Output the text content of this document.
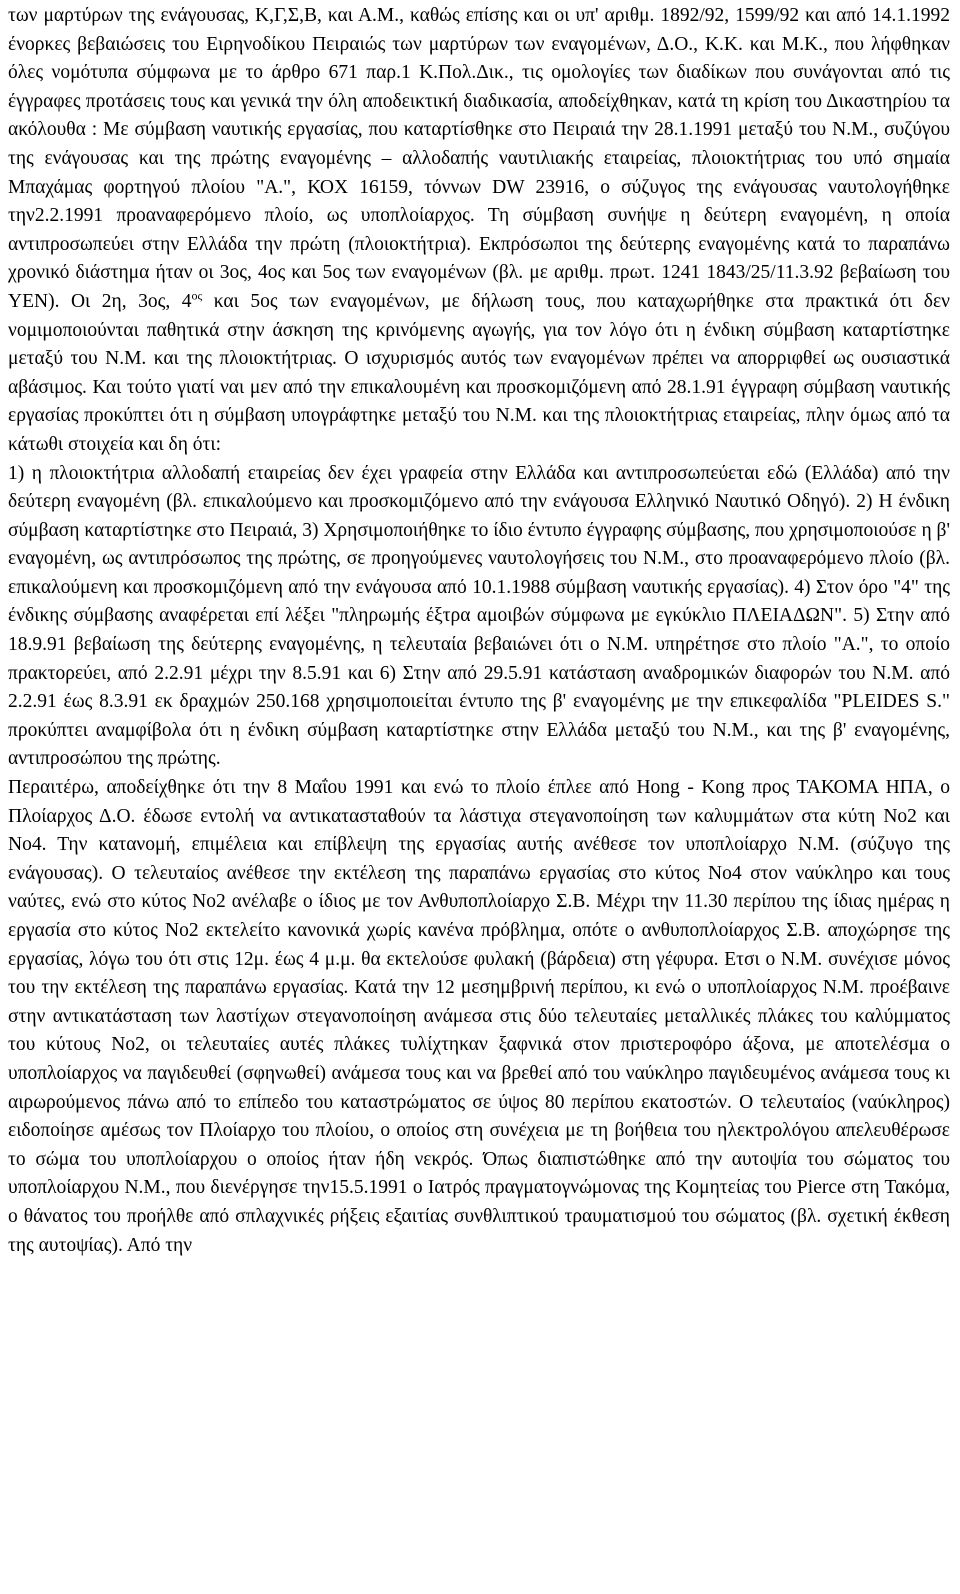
των μαρτύρων της ενάγουσας, Κ,Γ,Σ,Β, και Α.Μ., καθώς επίσης και οι υπ' αριθμ. 1892/92, 1599/92 και από 14.1.1992 ένορκες βεβαιώσεις του Ειρηνοδίκου Πειραιώς των μαρτύρων των εναγομένων, Δ.Ο., Κ.Κ. και Μ.Κ., που λήφθηκαν όλες νομότυπα σύμφωνα με το άρθρο 671 παρ.1 Κ.Πολ.Δικ., τις ομολογίες των διαδίκων που συνάγονται από τις έγγραφες προτάσεις τους και γενικά την όλη αποδεικτική διαδικασία, αποδείχθηκαν, κατά τη κρίση του Δικαστηρίου τα ακόλουθα : Με σύμβαση ναυτικής εργασίας, που καταρτίσθηκε στο Πειραιά την 28.1.1991 μεταξύ του Ν.Μ., συζύγου της ενάγουσας και της πρώτης εναγομένης – αλλοδαπής ναυτιλιακής εταιρείας, πλοιοκτήτριας του υπό σημαία Μπαχάμας φορτηγού πλοίου "Α.", ΚΟΧ 16159, τόννων DW 23916, ο σύζυγος της ενάγουσας ναυτολογήθηκε την2.2.1991 προαναφερόμενο πλοίο, ως υποπλοίαρχος. Τη σύμβαση συνήψε η δεύτερη εναγομένη, η οποία αντιπροσωπεύει στην Ελλάδα την πρώτη (πλοιοκτήτρια). Εκπρόσωποι της δεύτερης εναγομένης κατά το παραπάνω χρονικό διάστημα ήταν οι 3ος, 4ος και 5ος των εναγομένων (βλ. με αριθμ. πρωτ. 1241 1843/25/11.3.92 βεβαίωση του ΥΕΝ). Οι 2η, 3ος, $4^{o\varsigma}$ και 5ος των εναγομένων, με δήλωση τους, που καταχωρήθηκε στα πρακτικά ότι δεν νομιμοποιούνται παθητικά στην άσκηση της κρινόμενης αγωγής, για τον λόγο ότι η ένδικη σύμβαση καταρτίστηκε μεταξύ του Ν.Μ. και της πλοιοκτήτριας. Ο ισχυρισμός αυτός των εναγομένων πρέπει να απορριφθεί ως ουσιαστικά αβάσιμος. Και τούτο γιατί ναι μεν από την επικαλουμένη και προσκομιζόμενη από 28.1.91 έγγραφη σύμβαση ναυτικής εργασίας προκύπτει ότι η σύμβαση υπογράφτηκε μεταξύ του Ν.Μ. και της πλοιοκτήτριας εταιρείας, πλην όμως από τα κάτωθι στοιχεία και δη ότι:

1) η πλοιοκτήτρια αλλοδαπή εταιρείας δεν έχει γραφεία στην Ελλάδα και αντιπροσωπεύεται εδώ (Ελλάδα) από την δεύτερη εναγομένη (βλ. επικαλούμενο και προσκομιζόμενο από την ενάγουσα Ελληνικό Ναυτικό Οδηγό). 2) Η ένδικη σύμβαση καταρτίστηκε στο Πειραιά, 3) Χρησιμοποιήθηκε το ίδιο έντυπο έγγραφης σύμβασης, που χρησιμοποιούσε η β' εναγομένη, ως αντιπρόσωπος της πρώτης, σε προηγούμενες ναυτολογήσεις του Ν.Μ., στο προαναφερόμενο πλοίο (βλ. επικαλούμενη και προσκομιζόμενη από την ενάγουσα από 10.1.1988 σύμβαση ναυτικής εργασίας). 4) Στον όρο "4" της ένδικης σύμβασης αναφέρεται επί λέξει "πληρωμής έξτρα αμοιβών σύμφωνα με εγκύκλιο ΠΛΕΙΑΔΩΝ". 5) Στην από 18.9.91 βεβαίωση της δεύτερης εναγομένης, η τελευταία βεβαιώνει ότι ο Ν.Μ. υπηρέτησε στο πλοίο "Α.", το οποίο πρακτορεύει, από 2.2.91 μέχρι την 8.5.91 και 6) Στην από 29.5.91 κατάσταση αναδρομικών διαφορών του Ν.Μ. από 2.2.91 έως 8.3.91 εκ δραχμών 250.168 χρησιμοποιείται έντυπο της β' εναγομένης με την επικεφαλίδα "PLEIDES S." προκύπτει αναμφίβολα ότι η ένδικη σύμβαση καταρτίστηκε στην Ελλάδα μεταξύ του Ν.Μ., και της β' εναγομένης, αντιπροσώπου της πρώτης.

Περαιτέρω, αποδείχθηκε ότι την 8 Μαΐου 1991 και ενώ το πλοίο έπλεε από Hong - Kong προς ΤΑΚΟΜΑ ΗΠΑ, ο Πλοίαρχος Δ.Ο. έδωσε εντολή να αντικατασταθούν τα λάστιχα στεγανοποίηση των καλυμμάτων στα κύτη Νο2 και Νο4. Την κατανομή, επιμέλεια και επίβλεψη της εργασίας αυτής ανέθεσε τον υποπλοίαρχο Ν.Μ. (σύζυγο της ενάγουσας). Ο τελευταίος ανέθεσε την εκτέλεση της παραπάνω εργασίας στο κύτος Νο4 στον ναύκληρο και τους ναύτες, ενώ στο κύτος Νο2 ανέλαβε ο ίδιος με τον Ανθυποπλοίαρχο Σ.Β. Μέχρι την 11.30 περίπου της ίδιας ημέρας η εργασία στο κύτος Νο2 εκτελείτο κανονικά χωρίς κανένα πρόβλημα, οπότε ο ανθυποπλοίαρχος Σ.Β. αποχώρησε της εργασίας, λόγω του ότι στις 12μ. έως 4 μ.μ. θα εκτελούσε φυλακή (βάρδεια) στη γέφυρα. Ετσι ο Ν.Μ. συνέχισε μόνος του την εκτέλεση της παραπάνω εργασίας. Κατά την 12 μεσημβρινή περίπου, κι ενώ ο υποπλοίαρχος Ν.Μ. προέβαινε στην αντικατάσταση των λαστίχων στεγανοποίηση ανάμεσα στις δύο τελευταίες μεταλλικές πλάκες του καλύμματος του κύτους Νο2, οι τελευταίες αυτές πλάκες τυλίχτηκαν ξαφνικά στον πριστεροφόρο άξονα, με αποτελέσμα ο υποπλοίαρχος να παγιδευθεί (σφηνωθεί) ανάμεσα τους και να βρεθεί από του ναύκληρο παγιδευμένος ανάμεσα τους κι αιρωρούμενος πάνω από το επίπεδο του καταστρώματος σε ύψος 80 περίπου εκατοστών. Ο τελευταίος (ναύκληρος) ειδοποίησε αμέσως τον Πλοίαρχο του πλοίου, ο οποίος στη συνέχεια με τη βοήθεια του ηλεκτρολόγου απελευθέρωσε το σώμα του υποπλοίαρχου ο οποίος ήταν ήδη νεκρός. Όπως διαπιστώθηκε από την αυτοψία του σώματος του υποπλοίαρχου Ν.Μ., που διενέργησε την15.5.1991 ο Ιατρός πραγματογνώμονας της Κομητείας του Pierce στη Τακόμα, ο θάνατος του προήλθε από σπλαχνικές ρήξεις εξαιτίας συνθλιπτικού τραυματισμού του σώματος (βλ. σχετική έκθεση της αυτοψίας). Από την
